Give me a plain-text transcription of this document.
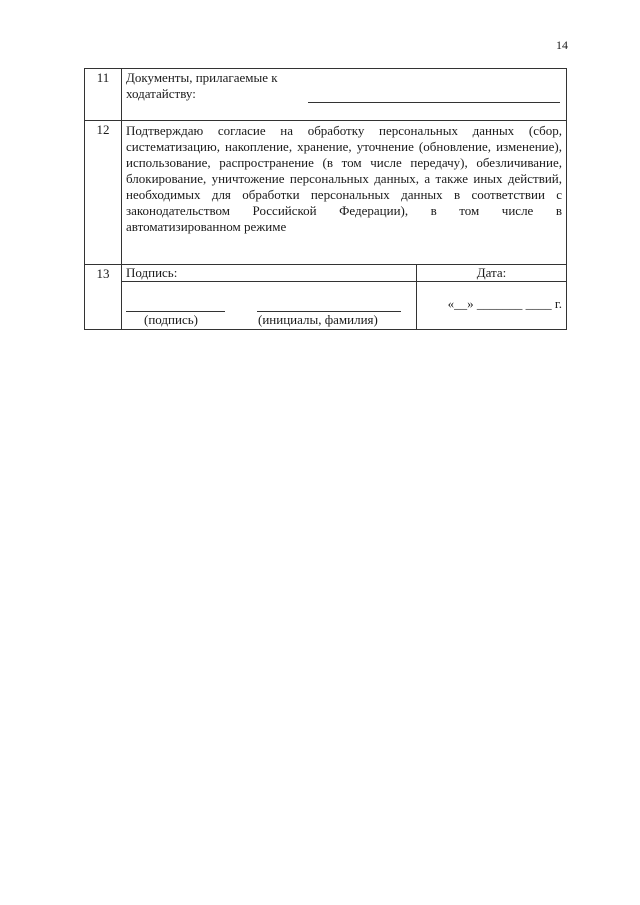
14
11	Документы, прилагаемые к ходатайству:	

12	Подтверждаю согласие на обработку персональных данных (сбор, систематизацию, накопление, хранение, уточнение (обновление, изменение), использование, распространение (в том числе передачу), обезличивание, блокирование, уничтожение персональных данных, а также иных действий, необходимых для обработки персональных данных в соответствии с законодательством Российской Федерации), в том числе в автоматизированном режиме	

13	Подпись:	Дата:

	(подпись) (инициалы, фамилия)	«__» _______ ____ г.
